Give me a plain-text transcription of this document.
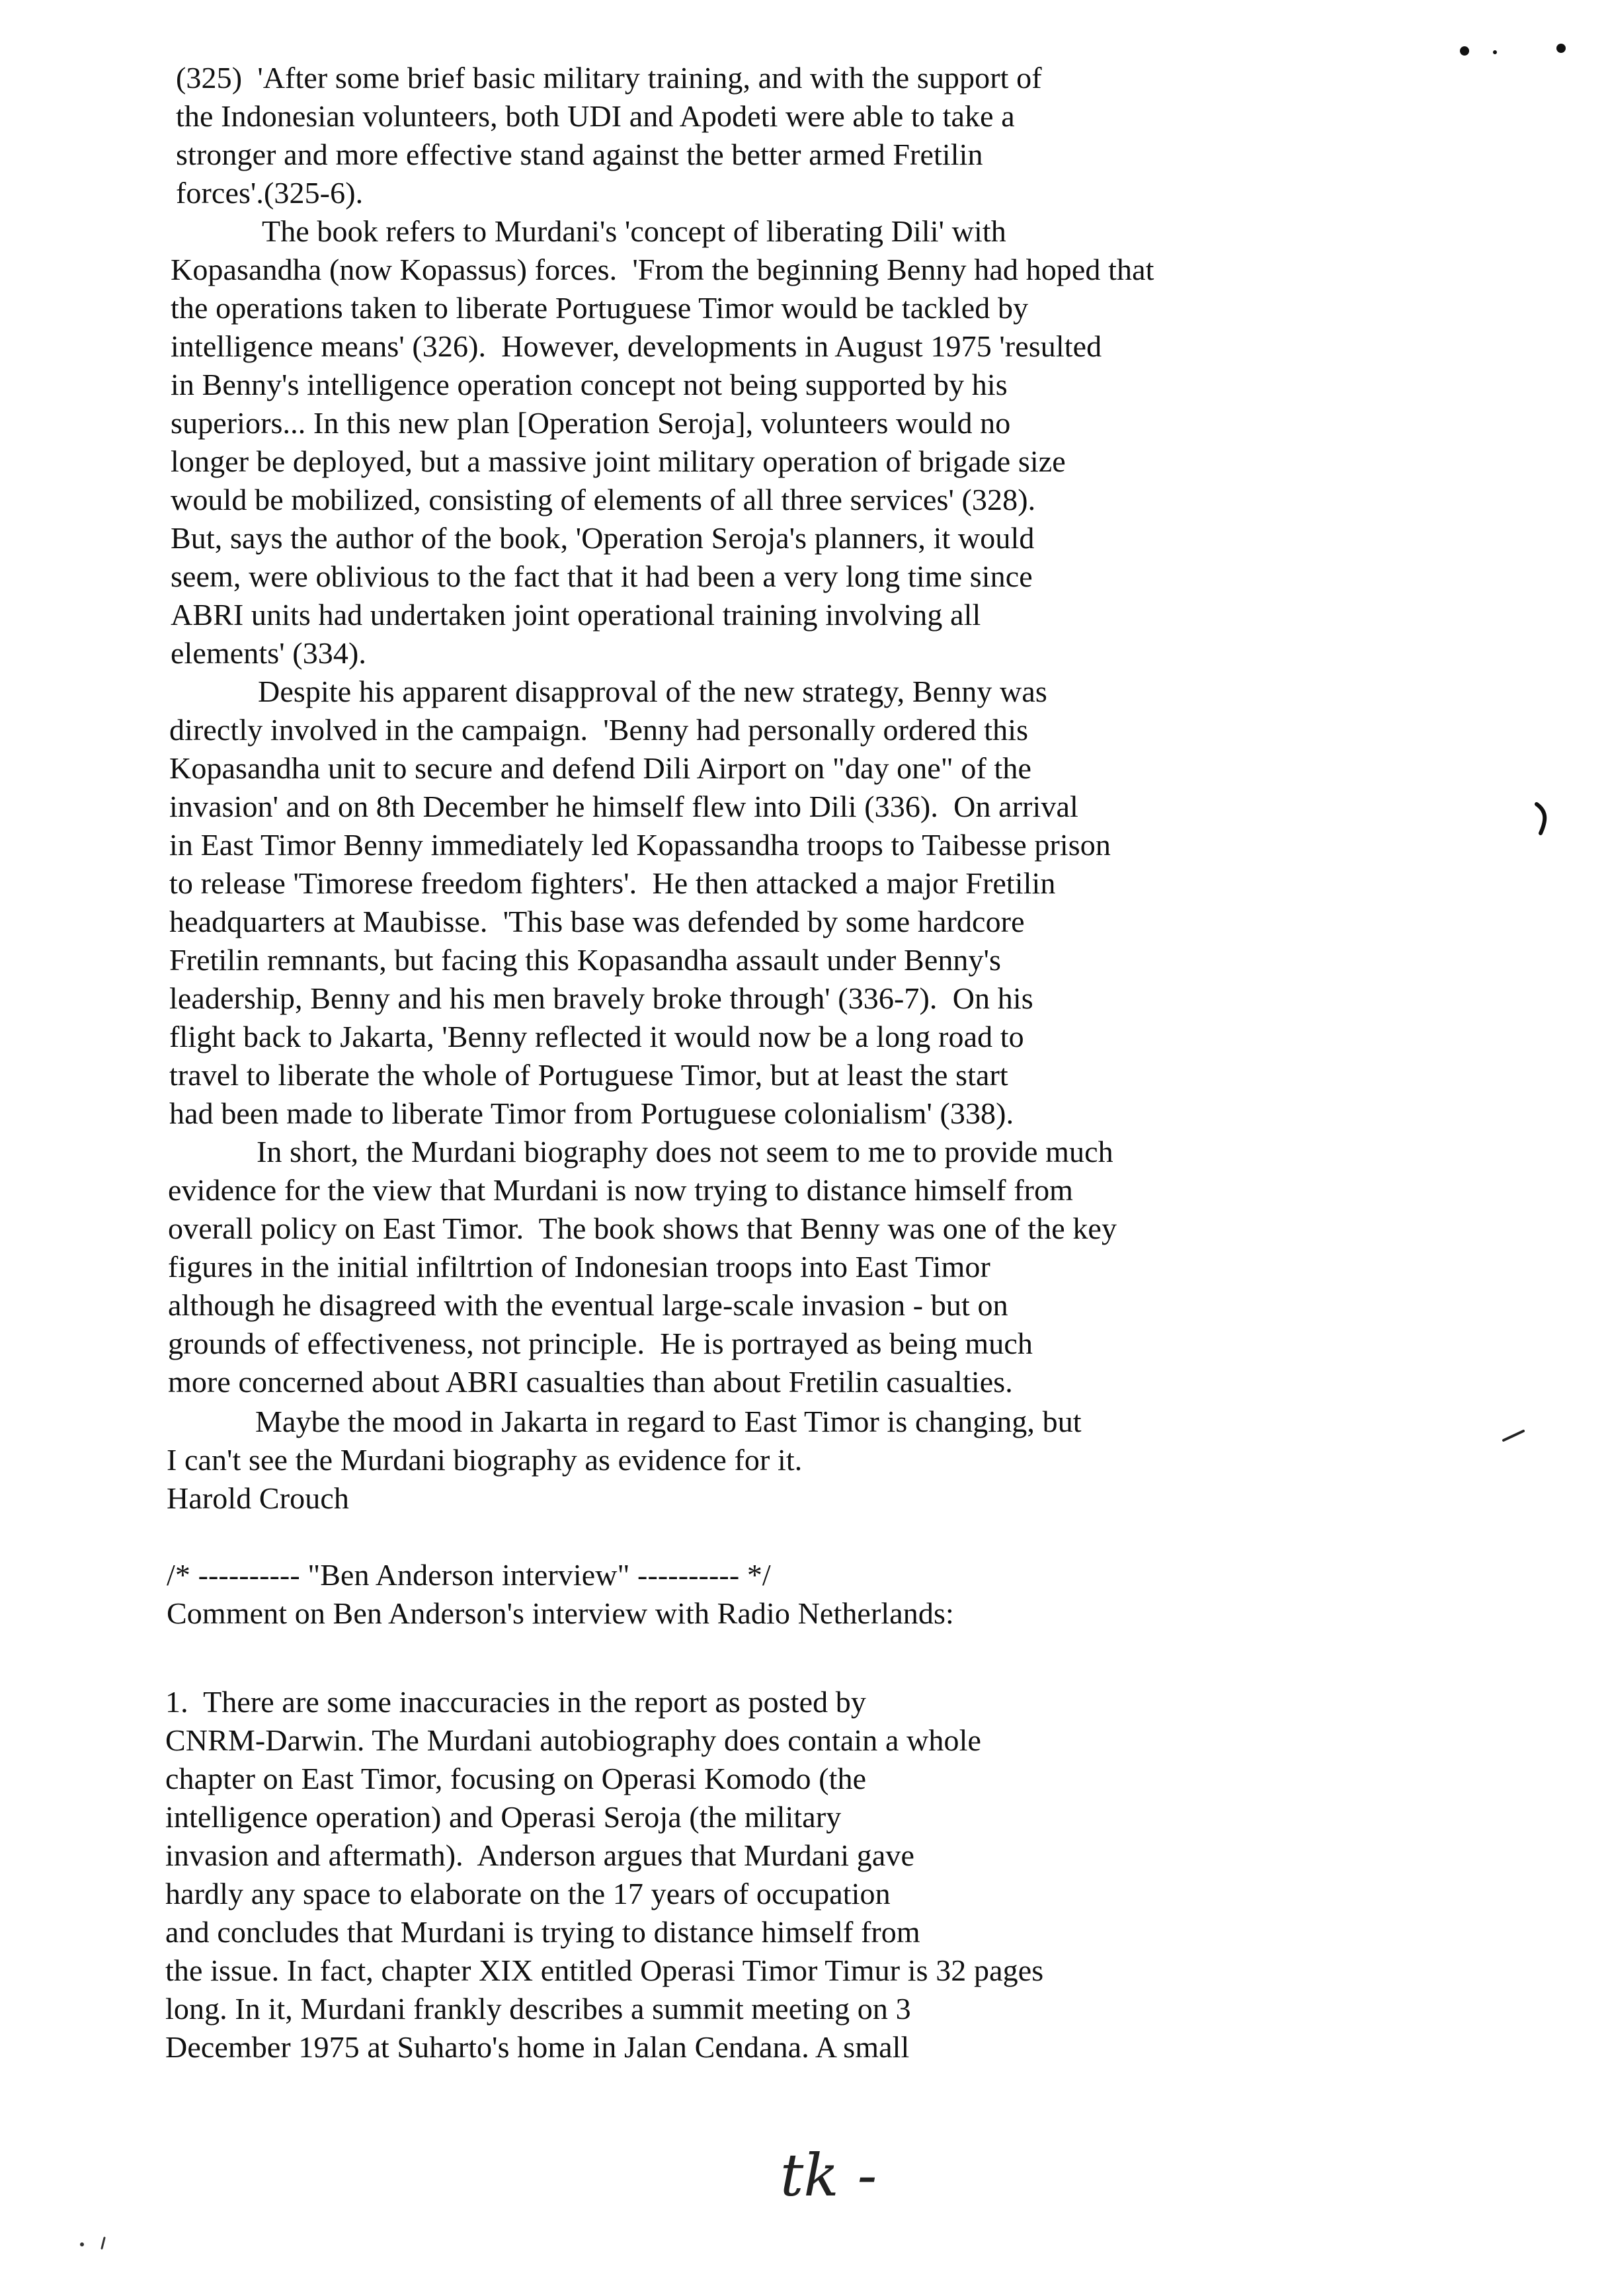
(325)  'After some brief basic military training, and with the support of
the Indonesian volunteers, both UDI and Apodeti were able to take a
stronger and more effective stand against the better armed Fretilin
forces'.(325-6).
The book refers to Murdani's 'concept of liberating Dili' with
Kopasandha (now Kopassus) forces.  'From the beginning Benny had hoped that
the operations taken to liberate Portuguese Timor would be tackled by
intelligence means' (326).  However, developments in August 1975 'resulted
in Benny's intelligence operation concept not being supported by his
superiors... In this new plan [Operation Seroja], volunteers would no
longer be deployed, but a massive joint military operation of brigade size
would be mobilized, consisting of elements of all three services' (328).
But, says the author of the book, 'Operation Seroja's planners, it would
seem, were oblivious to the fact that it had been a very long time since
ABRI units had undertaken joint operational training involving all
elements' (334).
Despite his apparent disapproval of the new strategy, Benny was
directly involved in the campaign.  'Benny had personally ordered this
Kopasandha unit to secure and defend Dili Airport on "day one" of the
invasion' and on 8th December he himself flew into Dili (336).  On arrival
in East Timor Benny immediately led Kopassandha troops to Taibesse prison
to release 'Timorese freedom fighters'.  He then attacked a major Fretilin
headquarters at Maubisse.  'This base was defended by some hardcore
Fretilin remnants, but facing this Kopasandha assault under Benny's
leadership, Benny and his men bravely broke through' (336-7).  On his
flight back to Jakarta, 'Benny reflected it would now be a long road to
travel to liberate the whole of Portuguese Timor, but at least the start
had been made to liberate Timor from Portuguese colonialism' (338).
In short, the Murdani biography does not seem to me to provide much
evidence for the view that Murdani is now trying to distance himself from
overall policy on East Timor.  The book shows that Benny was one of the key
figures in the initial infiltrtion of Indonesian troops into East Timor
although he disagreed with the eventual large-scale invasion - but on
grounds of effectiveness, not principle.  He is portrayed as being much
more concerned about ABRI casualties than about Fretilin casualties.
Maybe the mood in Jakarta in regard to East Timor is changing, but
I can't see the Murdani biography as evidence for it.
Harold Crouch
/* ---------- "Ben Anderson interview" ---------- */
Comment on Ben Anderson's interview with Radio Netherlands:
1.  There are some inaccuracies in the report as posted by
CNRM-Darwin. The Murdani autobiography does contain a whole
chapter on East Timor, focusing on Operasi Komodo (the
intelligence operation) and Operasi Seroja (the military
invasion and aftermath).  Anderson argues that Murdani gave
hardly any space to elaborate on the 17 years of occupation
and concludes that Murdani is trying to distance himself from
the issue. In fact, chapter XIX entitled Operasi Timor Timur is 32 pages
long. In it, Murdani frankly describes a summit meeting on 3
December 1975 at Suharto's home in Jalan Cendana. A small
tk -
